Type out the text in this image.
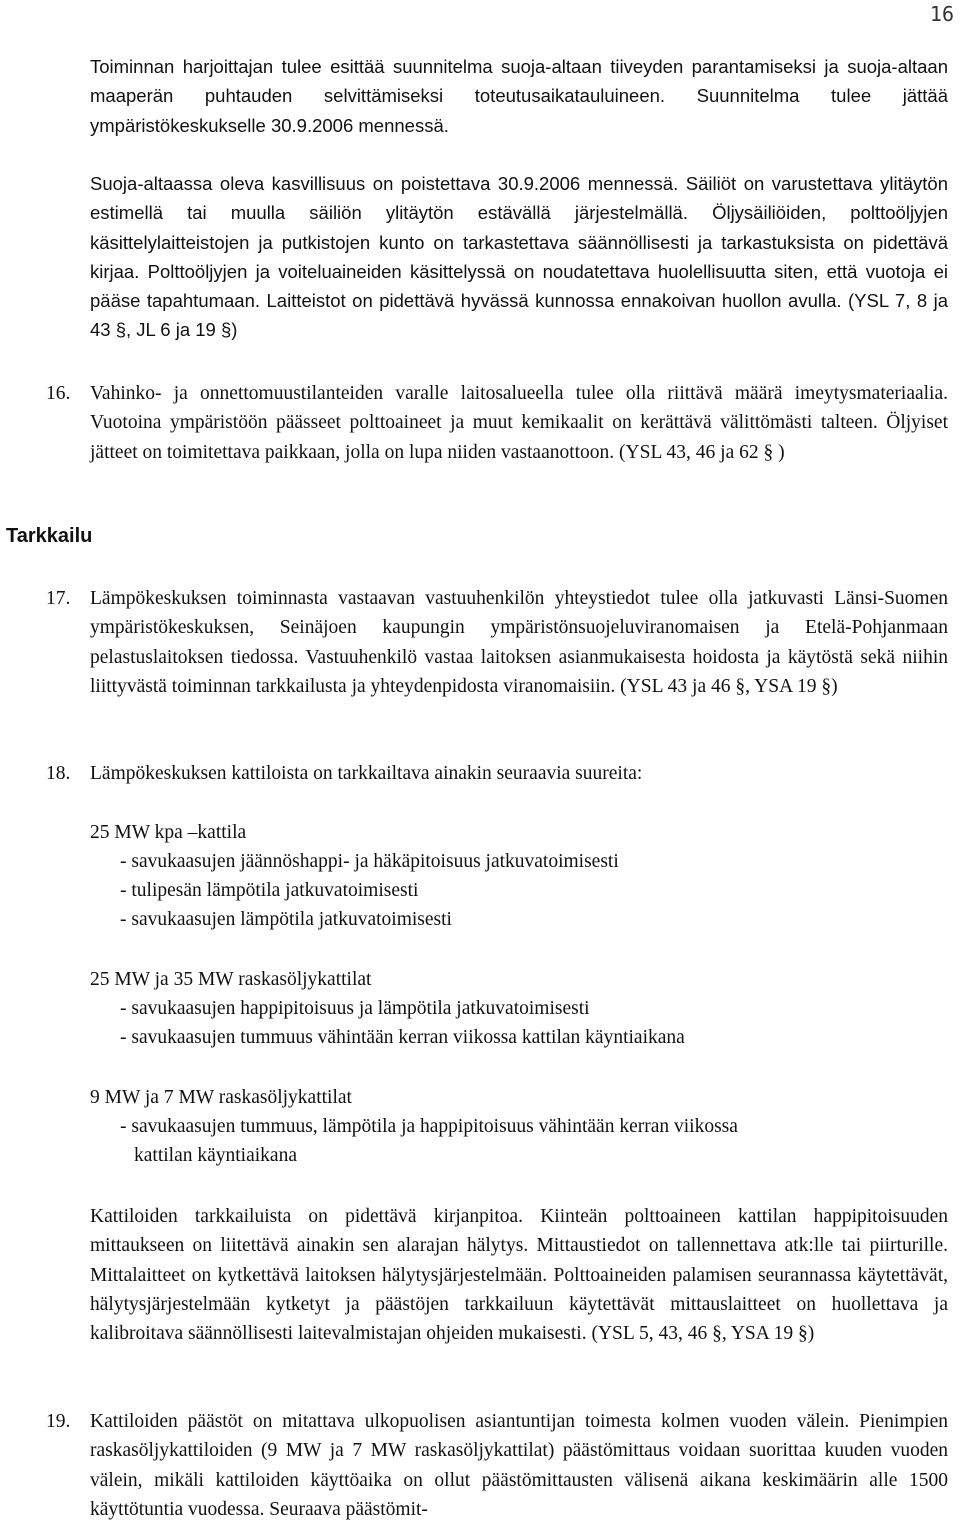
16
Toiminnan harjoittajan tulee esittää suunnitelma suoja-altaan tiiveyden parantamiseksi ja suoja-altaan maaperän puhtauden selvittämiseksi toteutusaikatauluineen. Suunnitelma tulee jättää ympäristökeskukselle 30.9.2006 mennessä.
Suoja-altaassa oleva kasvillisuus on poistettava 30.9.2006 mennessä. Säiliöt on varustettava ylitäytön estimellä tai muulla säiliön ylitäytön estävällä järjestelmällä. Öljysäiliöiden, polttoöljyjen käsittelylaitteistojen ja putkistojen kunto on tarkastettava säännöllisesti ja tarkastuksista on pidettävä kirjaa. Polttoöljyjen ja voiteluaineiden käsittelyssä on noudatettava huolellisuutta siten, että vuotoja ei pääse tapahtumaan. Laitteistot on pidettävä hyvässä kunnossa ennakoivan huollon avulla. (YSL 7, 8 ja 43 §, JL 6 ja 19 §)
16.	Vahinko- ja onnettomuustilanteiden varalle laitosalueella tulee olla riittävä määrä imeytysmateriaalia. Vuotoina ympäristöön päässeet polttoaineet ja muut kemikaalit on kerättävä välittömästi talteen. Öljyiset jätteet on toimitettava paikkaan, jolla on lupa niiden vastaanottoon. (YSL 43, 46 ja 62 § )
Tarkkailu
17.	Lämpökeskuksen toiminnasta vastaavan vastuuhenkilön yhteystiedot tulee olla jatkuvasti Länsi-Suomen ympäristökeskuksen, Seinäjoen kaupungin ympäristönsuojeluviranomaisen ja Etelä-Pohjanmaan pelastuslaitoksen tiedossa. Vastuuhenkilö vastaa laitoksen asianmukaisesta hoidosta ja käytöstä sekä niihin liittyvästä toiminnan tarkkailusta ja yhteydenpidosta viranomaisiin. (YSL 43 ja 46 §, YSA 19 §)
18.	Lämpökeskuksen kattiloista on tarkkailtava ainakin seuraavia suureita:
25 MW kpa –kattila
- savukaasujen jäännöshappi- ja häkäpitoisuus jatkuvatoimisesti
- tulipesän lämpötila jatkuvatoimisesti
- savukaasujen lämpötila jatkuvatoimisesti
25 MW ja 35 MW raskasöljykattilat
- savukaasujen happipitoisuus ja lämpötila jatkuvatoimisesti
- savukaasujen tummuus vähintään kerran viikossa kattilan käyntiaikana
9 MW ja 7 MW raskasöljykattilat
- savukaasujen tummuus, lämpötila ja happipitoisuus vähintään kerran viikossa
kattilan käyntiaikana
Kattiloiden tarkkailuista on pidettävä kirjanpitoa. Kiinteän polttoaineen kattilan happipitoisuuden mittaukseen on liitettävä ainakin sen alarajan hälytys. Mittaustiedot on tallennettava atk:lle tai piirturille. Mittalaitteet on kytkettävä laitoksen hälytysjärjestelmään. Polttoaineiden palamisen seurannassa käytettävät, hälytysjärjestelmään kytketyt ja päästöjen tarkkailuun käytettävät mittauslaitteet on huollettava ja kalibroitava säännöllisesti laitevalmistajan ohjeiden mukaisesti. (YSL 5, 43, 46 §, YSA 19 §)
19.	Kattiloiden päästöt on mitattava ulkopuolisen asiantuntijan toimesta kolmen vuoden välein. Pienimpien raskasöljykattiloiden (9 MW ja 7 MW raskasöljykattilat) päästömittaus voidaan suorittaa kuuden vuoden välein, mikäli kattiloiden käyttöaika on ollut päästömittausten välisenä aikana keskimäärin alle 1500 käyttötuntia vuodessa. Seuraava päästömit-
